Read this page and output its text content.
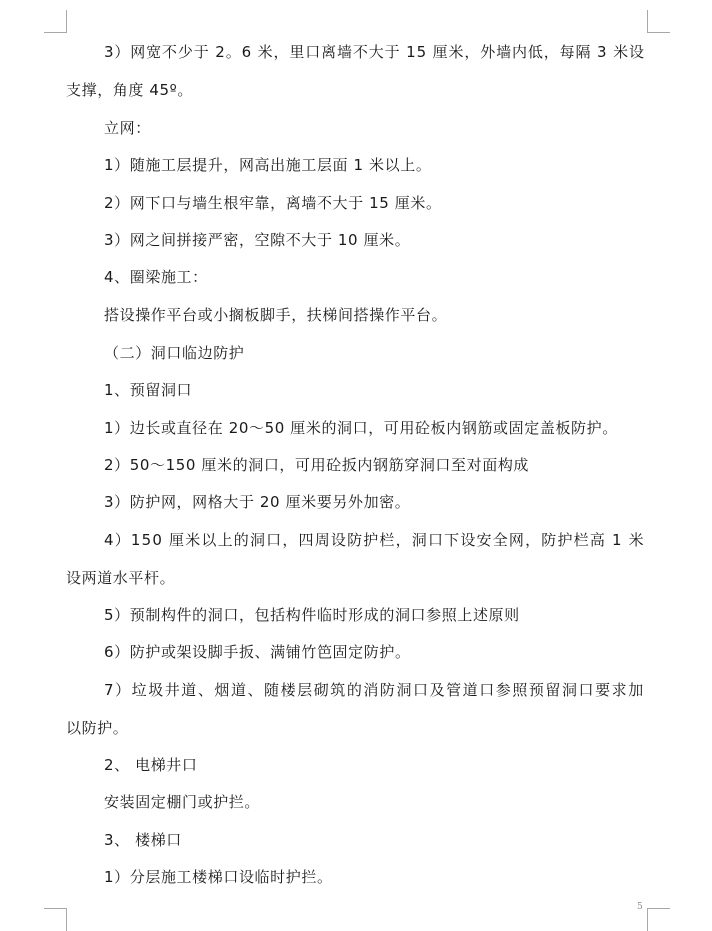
3）网宽不少于 2。6 米，里口离墙不大于 15 厘米，外墙内低，每隔 3 米设
支撑，角度 45º。
立网：
1）随施工层提升，网高出施工层面 1 米以上。
2）网下口与墙生根牢靠，离墙不大于 15 厘米。
3）网之间拼接严密，空隙不大于 10 厘米。
4、圈梁施工：
搭设操作平台或小搁板脚手，扶梯间搭操作平台。
（二）洞口临边防护
1、预留洞口
1）边长或直径在 20～50 厘米的洞口，可用砼板内钢筋或固定盖板防护。
2）50～150 厘米的洞口，可用砼扳内钢筋穿洞口至对面构成
3）防护网，网格大于 20 厘米要另外加密。
4）150 厘米以上的洞口，四周设防护栏，洞口下设安全网，防护栏高 1 米
设两道水平杆。
5）预制构件的洞口，包括构件临时形成的洞口参照上述原则
6）防护或架设脚手扳、满铺竹笆固定防护。
7）垃圾井道、烟道、随楼层砌筑的消防洞口及管道口参照预留洞口要求加
以防护。
2、 电梯井口
安装固定棚门或护拦。
3、 楼梯口
1）分层施工楼梯口设临时护拦。
5
